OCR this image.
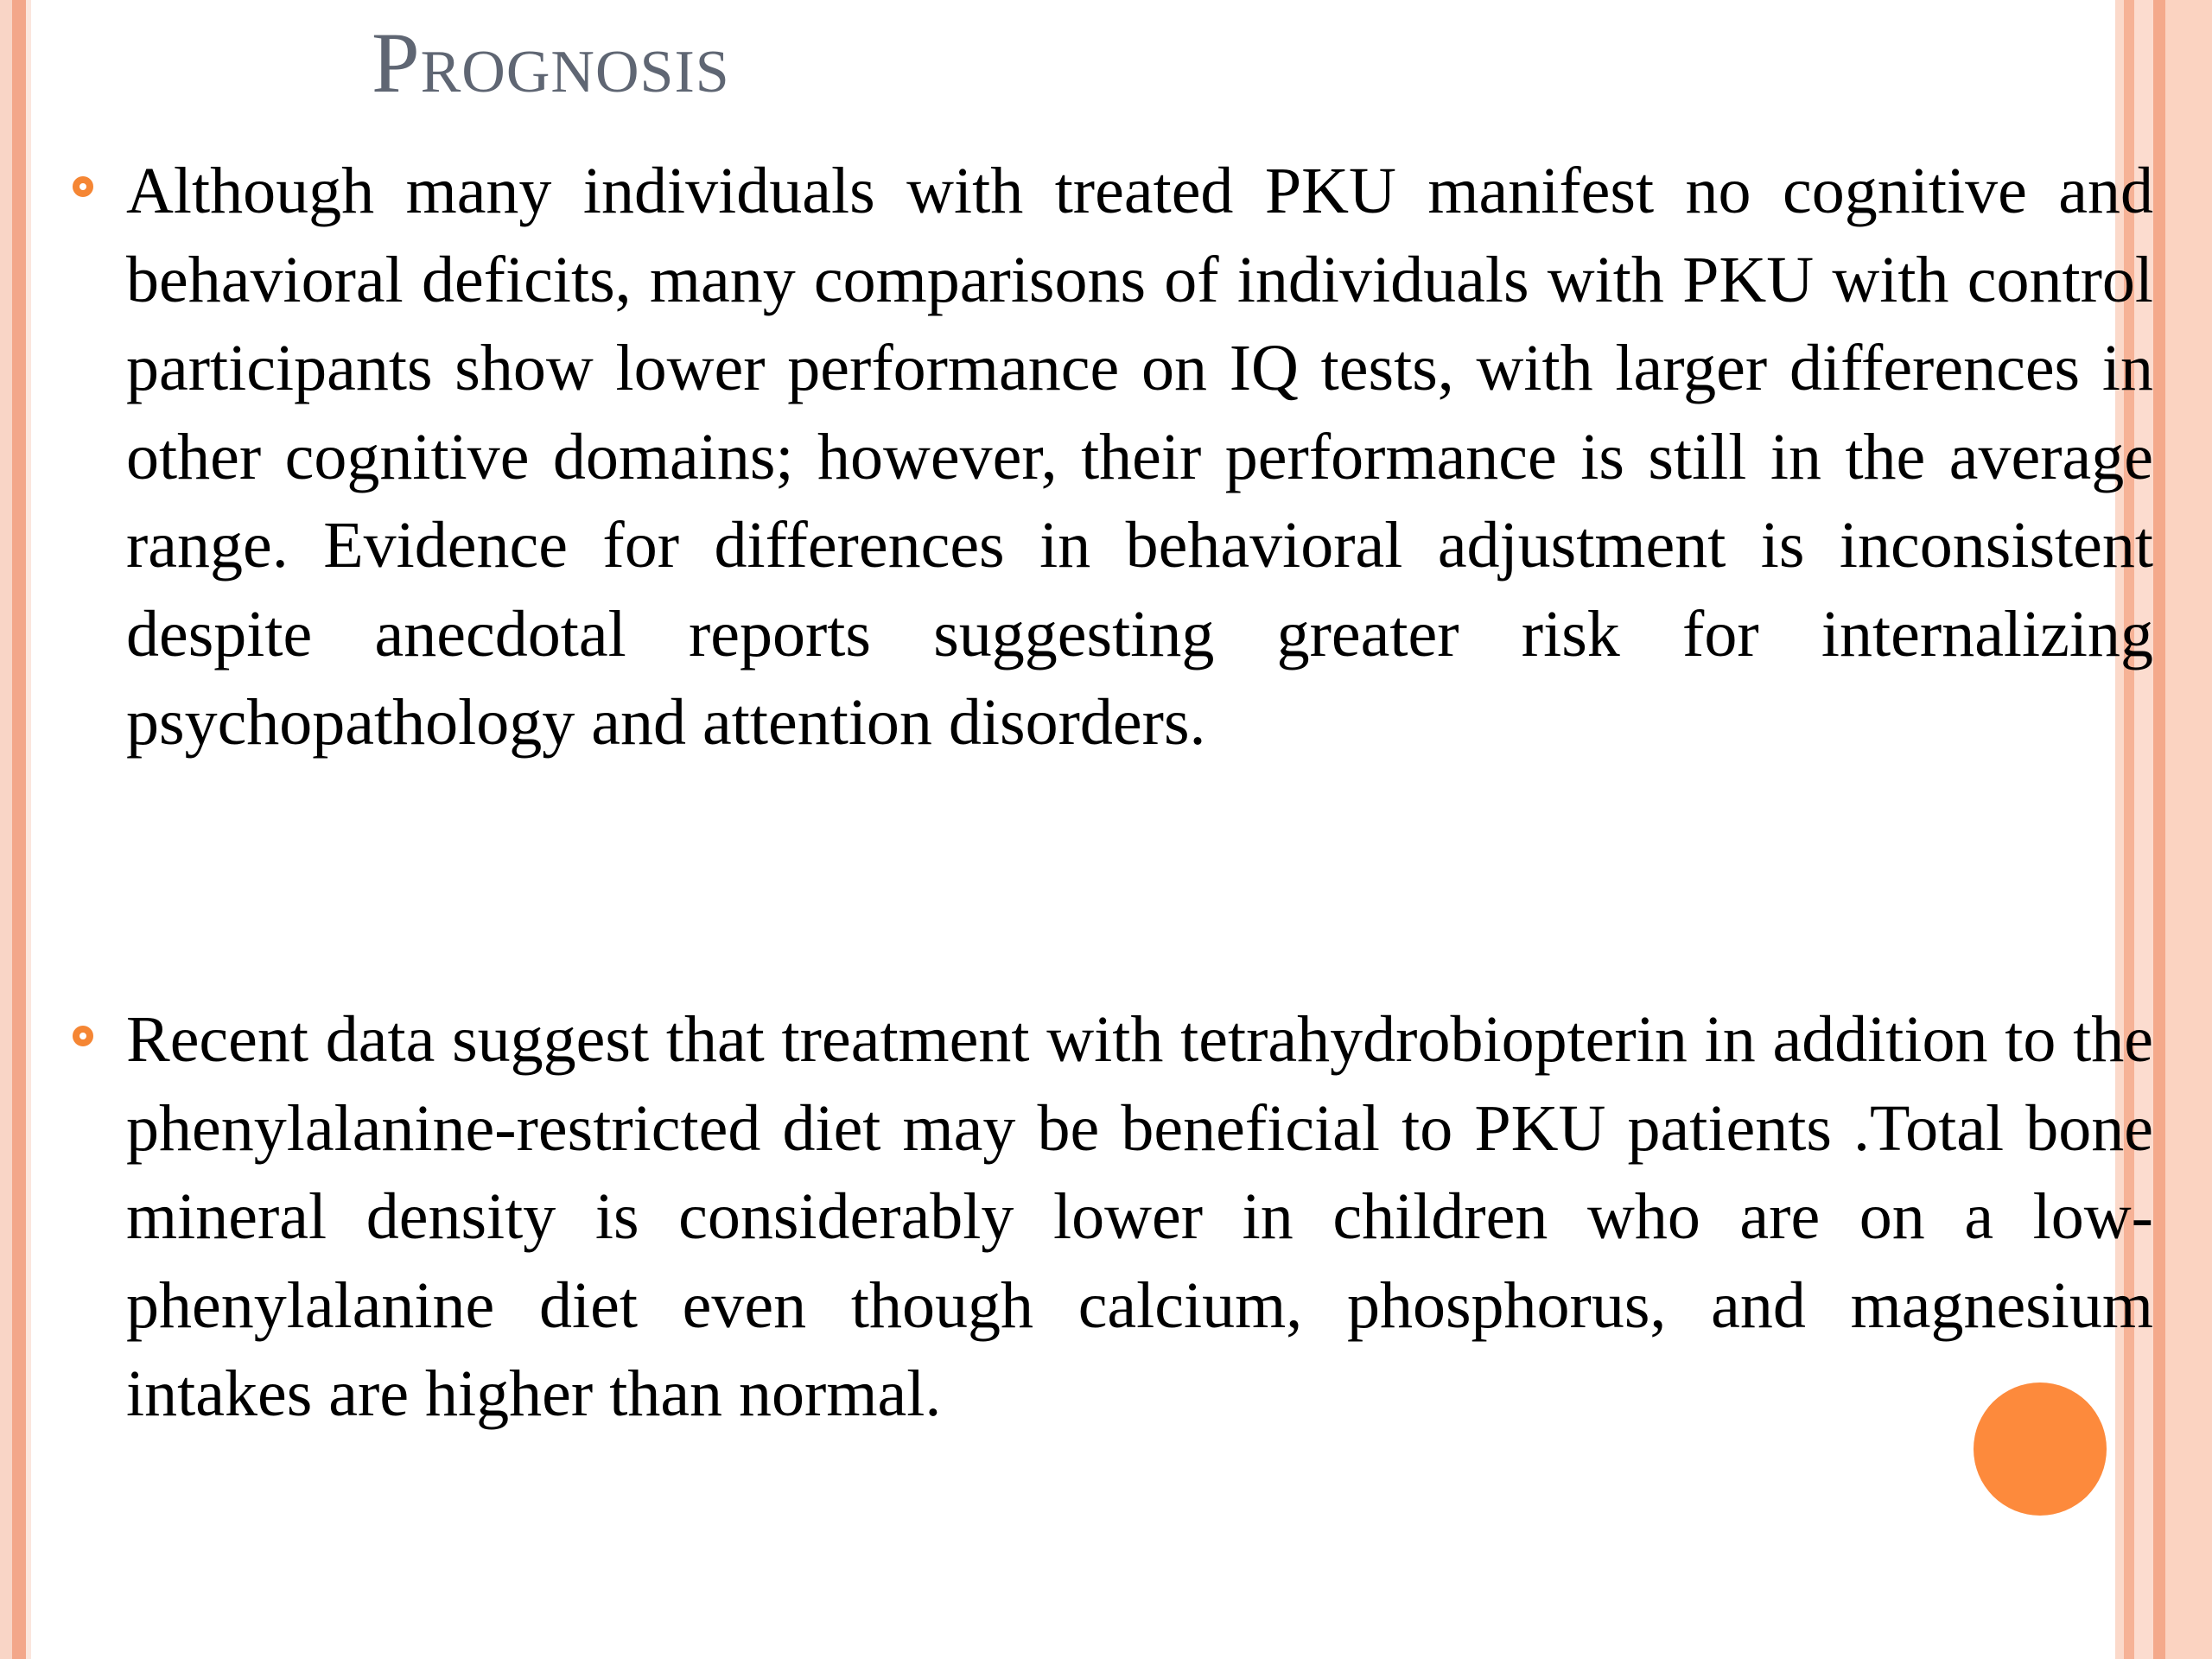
Prognosis
Although many individuals with treated PKU manifest no cognitive and behavioral deficits, many comparisons of individuals with PKU with control participants show lower performance on IQ tests, with larger differences in other cognitive domains; however, their performance is still in the average range. Evidence for differences in behavioral adjustment is inconsistent despite anecdotal reports suggesting greater risk for internalizing psychopathology and attention disorders.
Recent data suggest that treatment with tetrahydrobiopterin in addition to the phenylalanine-restricted diet may be beneficial to PKU patients .Total bone mineral density is considerably lower in children who are on a low-phenylalanine diet even though calcium, phosphorus, and magnesium intakes are higher than normal.
